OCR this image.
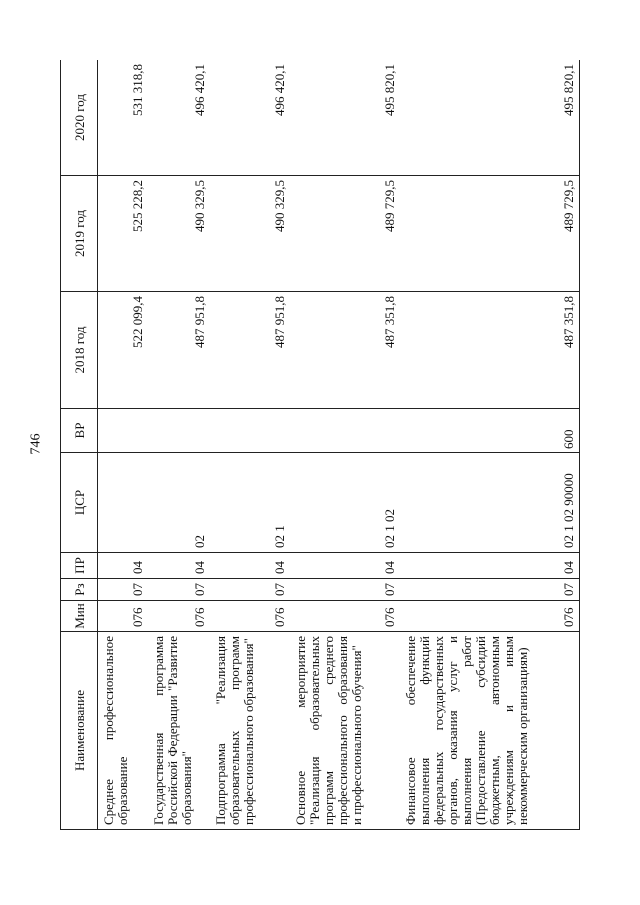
746
Наименование	Мин	Рз	ПР	ЦСР	ВР	2018 год	2019 год	2020 год
Среднее профессиональное образование	076	07	04			522 099,4	525 228,2	531 318,8
Государственная программа Российской Федерации "Развитие образования"	076	07	04	02		487 951,8	490 329,5	496 420,1
Подпрограмма "Реализация образовательных программ профессионального образования"	076	07	04	02 1		487 951,8	490 329,5	496 420,1
Основное мероприятие "Реализация образовательных программ среднего профессионального образования и профессионального обучения"	076	07	04	02 1 02		487 351,8	489 729,5	495 820,1
Финансовое обеспечение выполнения функций федеральных государственных органов, оказания услуг и выполнения работ (Предоставление субсидий бюджетным, автономным учреждениям и иным некоммерческим организациям)	076	07	04	02 1 02 90000	600	487 351,8	489 729,5	495 820,1
